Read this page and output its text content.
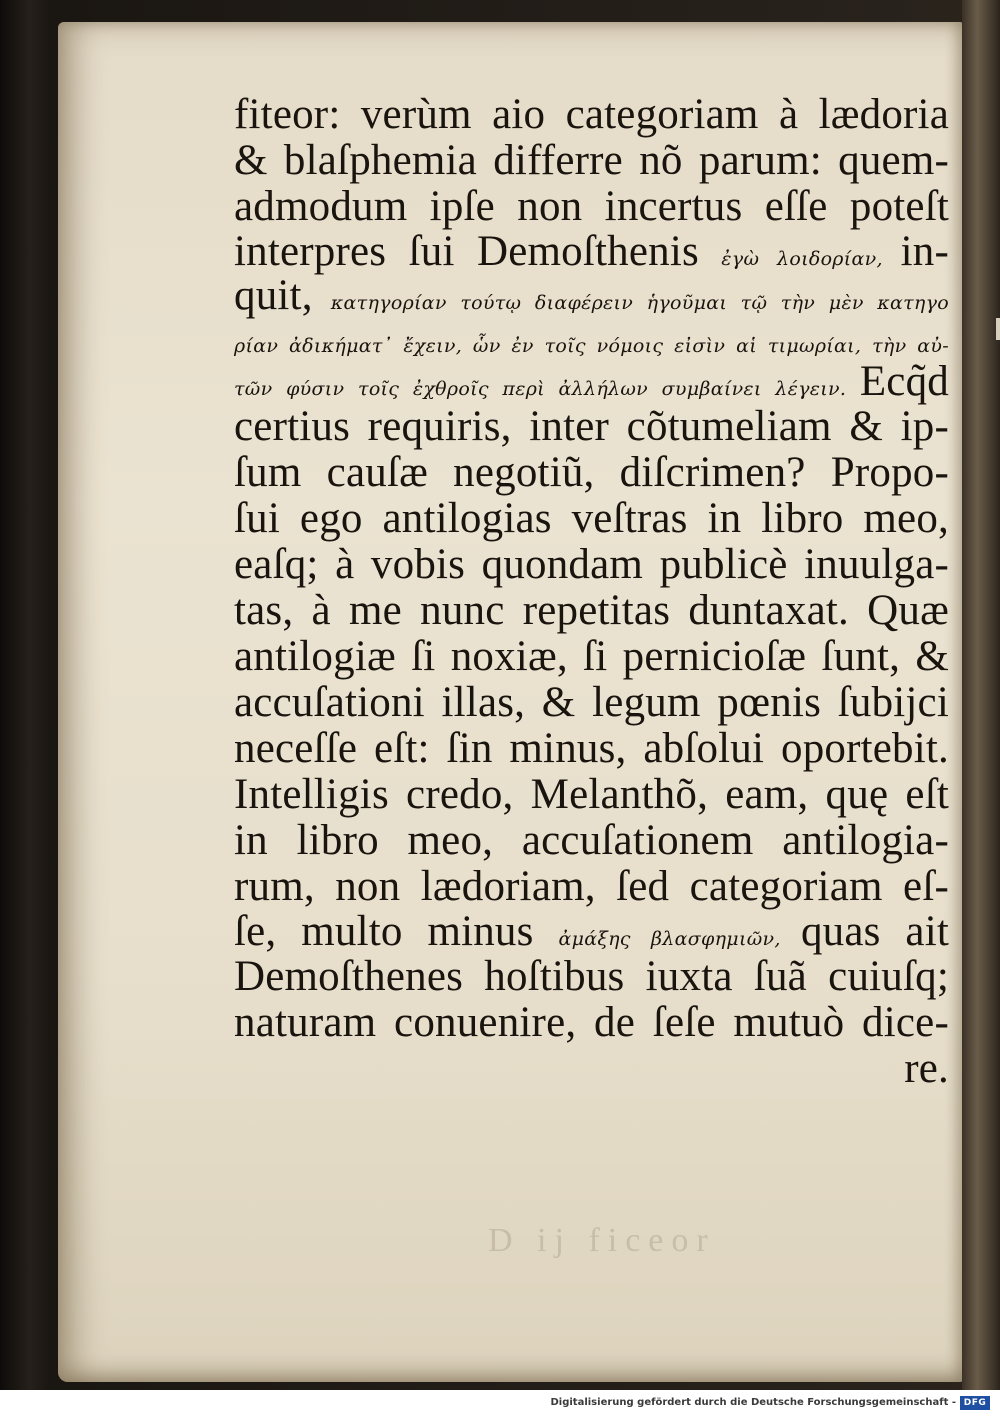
fiteor: verùm aio categoriam à lædoria
& blaſphemia differre nõ parum: quem-
admodum ipſe non incertus eſſe poteſt
interpres ſui Demoſthenis ἐγὼ λοιδορίαν, in-
quit, κατηγορίαν τούτῳ διαφέρειν ἡγοῦμαι τῷ τὴν μὲν κατηγο
ρίαν ἀδικήματ᾽ ἔχειν, ὧν ἐν τοῖς νόμοις εἰσὶν αἱ τιμωρίαι, τὴν αὐ-
τῶν φύσιν τοῖς ἐχθροῖς περὶ ἀλλήλων συμβαίνει λέγειν. Ecq̃d
certius requiris, inter cõtumeliam & ip-
ſum cauſæ negotiũ, diſcrimen? Propo-
ſui ego antilogias veſtras in libro meo,
eaſq; à vobis quondam publicè inuulga-
tas, à me nunc repetitas duntaxat. Quæ
antilogiæ ſi noxiæ, ſi pernicioſæ ſunt, &
accuſationi illas, & legum pœnis ſubijci
neceſſe eſt: ſin minus, abſolui oportebit.
Intelligis credo, Melanthõ, eam, quę eſt
in libro meo, accuſationem antilogia-
rum, non lædoriam, ſed categoriam eſ-
ſe, multo minus ἀμάξης βλασφημιῶν, quas ait
Demoſthenes hoſtibus iuxta ſuã cuiuſq;
naturam conuenire, de ſeſe mutuò dice-
re.
D ij ficeor
Digitalisierung gefördert durch die Deutsche Forschungsgemeinschaft - DFG
